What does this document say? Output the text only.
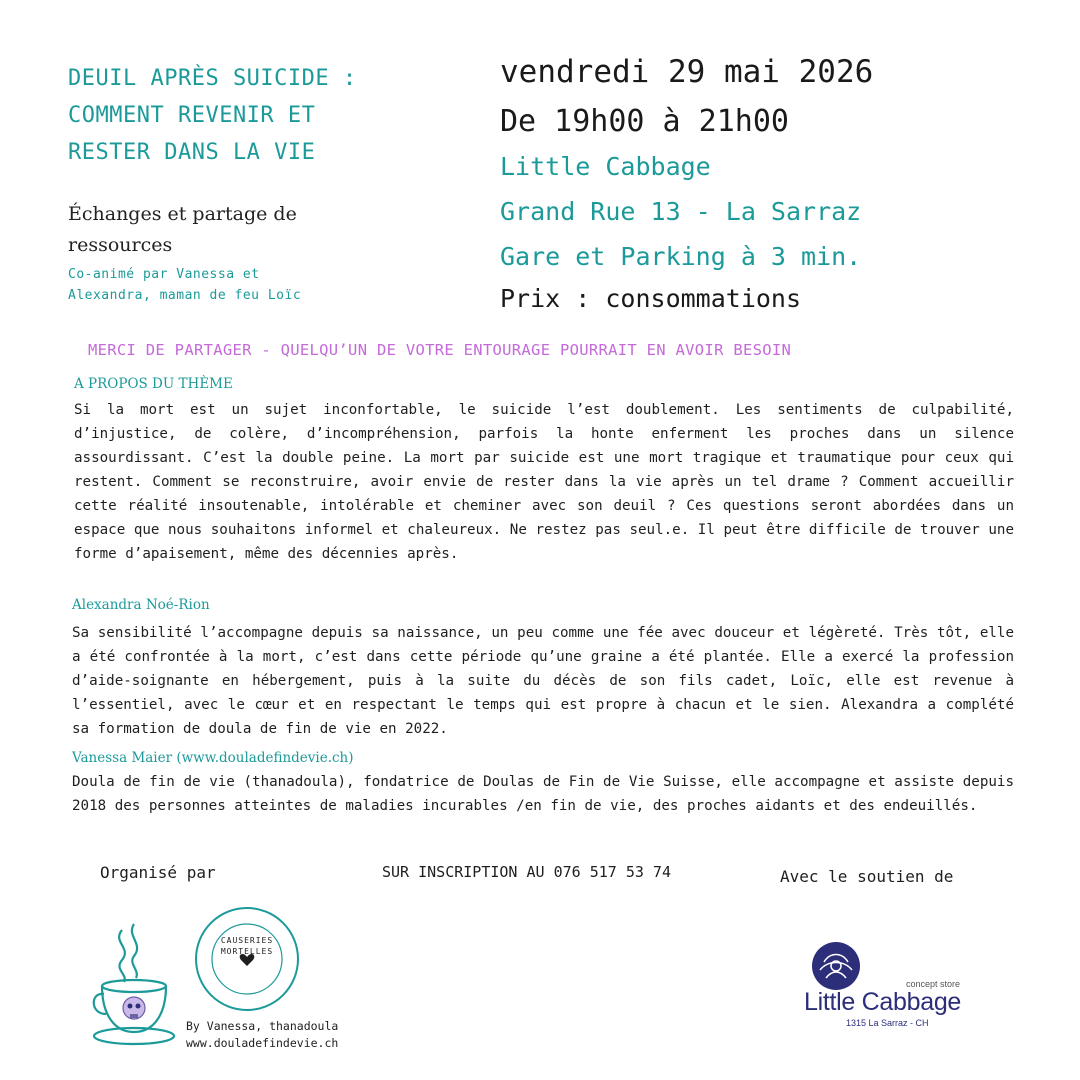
DEUIL APRÈS SUICIDE :

COMMENT REVENIR ET

RESTER DANS LA VIE

Échanges et partage de
ressources
Co-animé par Vanessa et
Alexandra, maman de feu Loïc
vendredi 29 mai 2026
De 19h00 à 21h00
Little Cabbage
Grand Rue 13 - La Sarraz
Gare et Parking à 3 min.
Prix : consommations
MERCI DE PARTAGER - QUELQU’UN DE VOTRE ENTOURAGE POURRAIT EN AVOIR BESOIN
A PROPOS DU THÈME

Si la mort est un sujet inconfortable, le suicide l’est doublement. Les sentiments de culpabilité, d’injustice, de colère, d’incompréhension, parfois la honte enferment les proches dans un silence assourdissant. C’est la double peine. La mort par suicide est une mort tragique et traumatique pour ceux qui restent. Comment se reconstruire, avoir envie de rester dans la vie après un tel drame ? Comment accueillir cette réalité insoutenable, intolérable et cheminer avec son deuil ? Ces questions seront abordées dans un espace que nous souhaitons informel et chaleureux. Ne restez pas seul.e. Il peut être difficile de trouver une forme d’apaisement, même des décennies après.

Alexandra Noé-Rion

Sa sensibilité l’accompagne depuis sa naissance, un peu comme une fée avec douceur et légèreté. Très tôt, elle a été confrontée à la mort, c’est dans cette période qu’une graine a été plantée. Elle a exercé la profession d’aide-soignante en hébergement, puis à la suite du décès de son fils cadet, Loïc, elle est revenue à l’essentiel, avec le cœur et en respectant le temps qui est propre à chacun et le sien. Alexandra a complété sa formation de doula de fin de vie en 2022.

Vanessa Maier (www.douladefindevie.ch)

Doula de fin de vie (thanadoula), fondatrice de Doulas de Fin de Vie Suisse, elle accompagne et assiste depuis 2018 des personnes atteintes de maladies incurables /en fin de vie, des proches aidants et des endeuillés.

Organisé par	SUR INSCRIPTION AU 076 517 53 74	Avec le soutien de
CAUSERIES MORTELLES
By Vanessa, thanadoula
www.douladefindevie.ch
concept store
Little Cabbage
1315 La Sarraz - CH
